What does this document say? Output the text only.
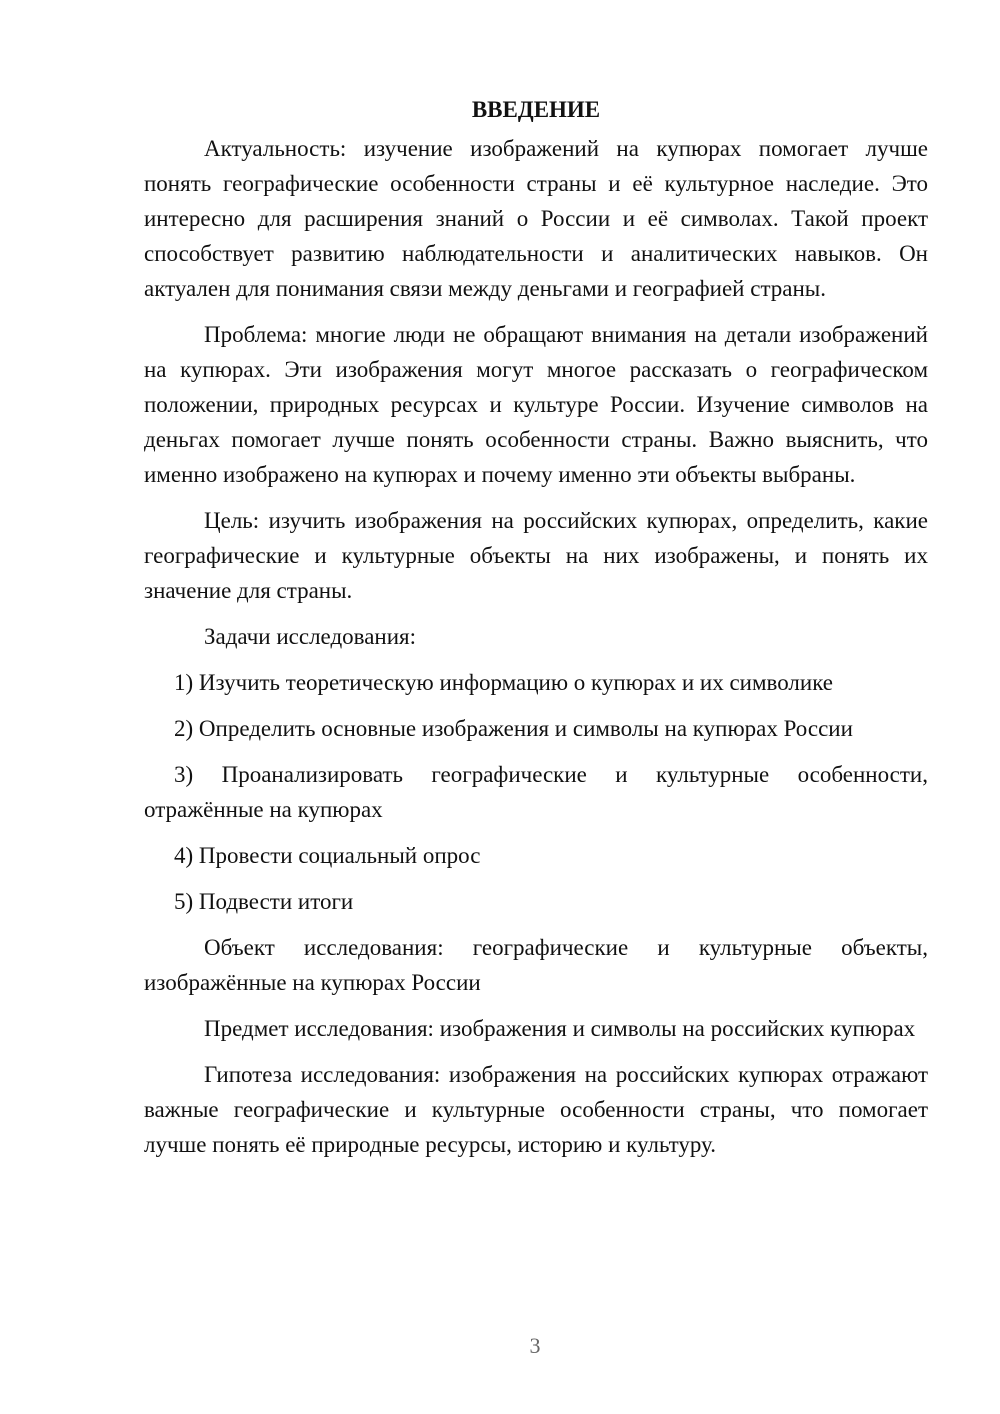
ВВЕДЕНИЕ

Актуальность: изучение изображений на купюрах помогает лучше понять географические особенности страны и её культурное наследие. Это интересно для расширения знаний о России и её символах. Такой проект способствует развитию наблюдательности и аналитических навыков. Он актуален для понимания связи между деньгами и географией страны.

Проблема: многие люди не обращают внимания на детали изображений на купюрах. Эти изображения могут многое рассказать о географическом положении, природных ресурсах и культуре России. Изучение символов на деньгах помогает лучше понять особенности страны. Важно выяснить, что именно изображено на купюрах и почему именно эти объекты выбраны.

Цель: изучить изображения на российских купюрах, определить, какие географические и культурные объекты на них изображены, и понять их значение для страны.

Задачи исследования:

1) Изучить теоретическую информацию о купюрах и их символике

2) Определить основные изображения и символы на купюрах России

3) Проанализировать географические и культурные особенности, отражённые на купюрах

4) Провести социальный опрос

5) Подвести итоги

Объект исследования: географические и культурные объекты, изображённые на купюрах России

Предмет исследования: изображения и символы на российских купюрах

Гипотеза исследования: изображения на российских купюрах отражают важные географические и культурные особенности страны, что помогает лучше понять её природные ресурсы, историю и культуру.

3
